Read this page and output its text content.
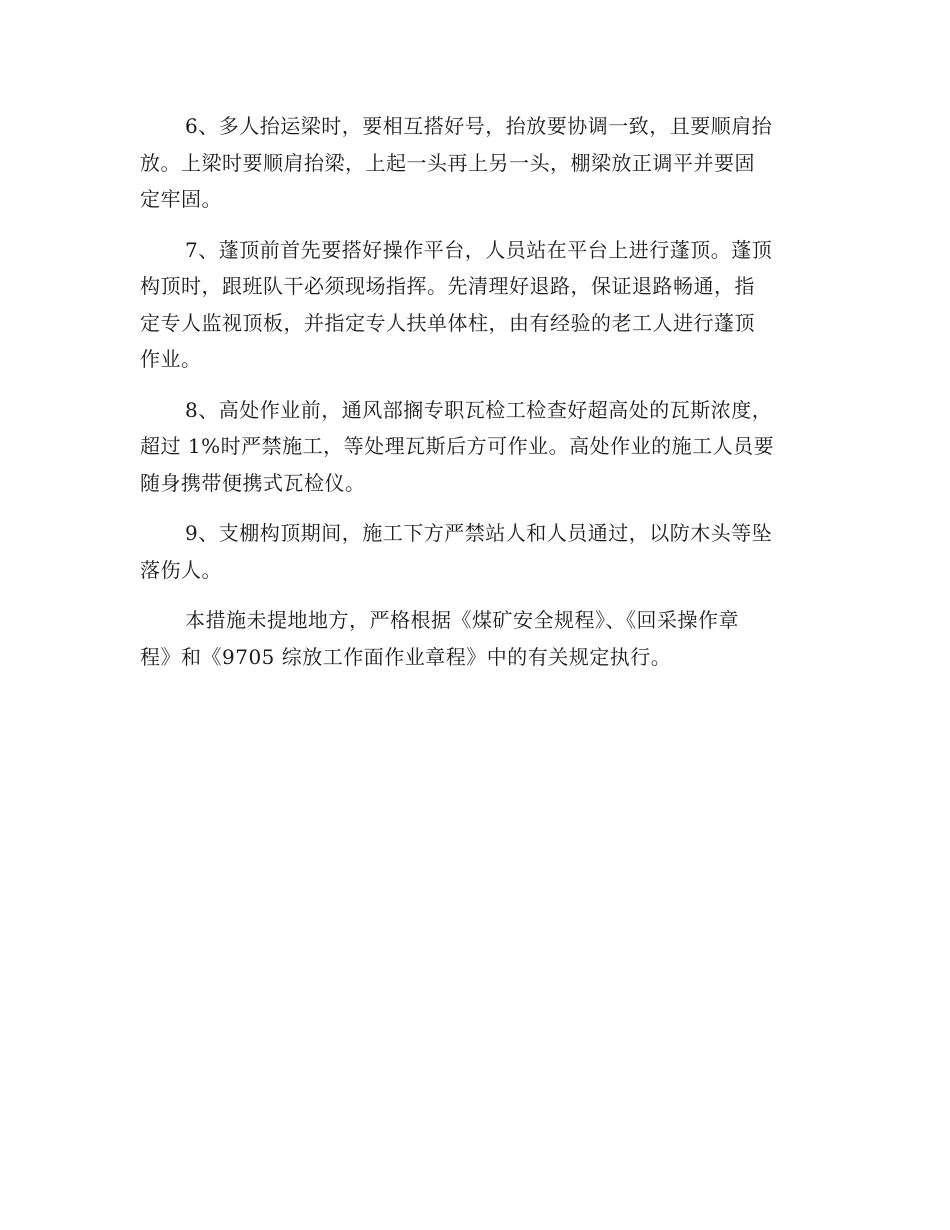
6、多人抬运梁时，要相互搭好号，抬放要协调一致，且要顺肩抬
放。上梁时要顺肩抬梁，上起一头再上另一头，棚梁放正调平并要固
定牢固。

7、蓬顶前首先要搭好操作平台，人员站在平台上进行蓬顶。蓬顶
构顶时，跟班队干必须现场指挥。先清理好退路，保证退路畅通，指
定专人监视顶板，并指定专人扶单体柱，由有经验的老工人进行蓬顶
作业。

8、高处作业前，通风部搁专职瓦检工检查好超高处的瓦斯浓度，
超过 1%时严禁施工，等处理瓦斯后方可作业。高处作业的施工人员要
随身携带便携式瓦检仪。

9、支棚构顶期间，施工下方严禁站人和人员通过，以防木头等坠
落伤人。

本措施未提地地方，严格根据《煤矿安全规程》、《回采操作章
程》和《9705 综放工作面作业章程》中的有关规定执行。
